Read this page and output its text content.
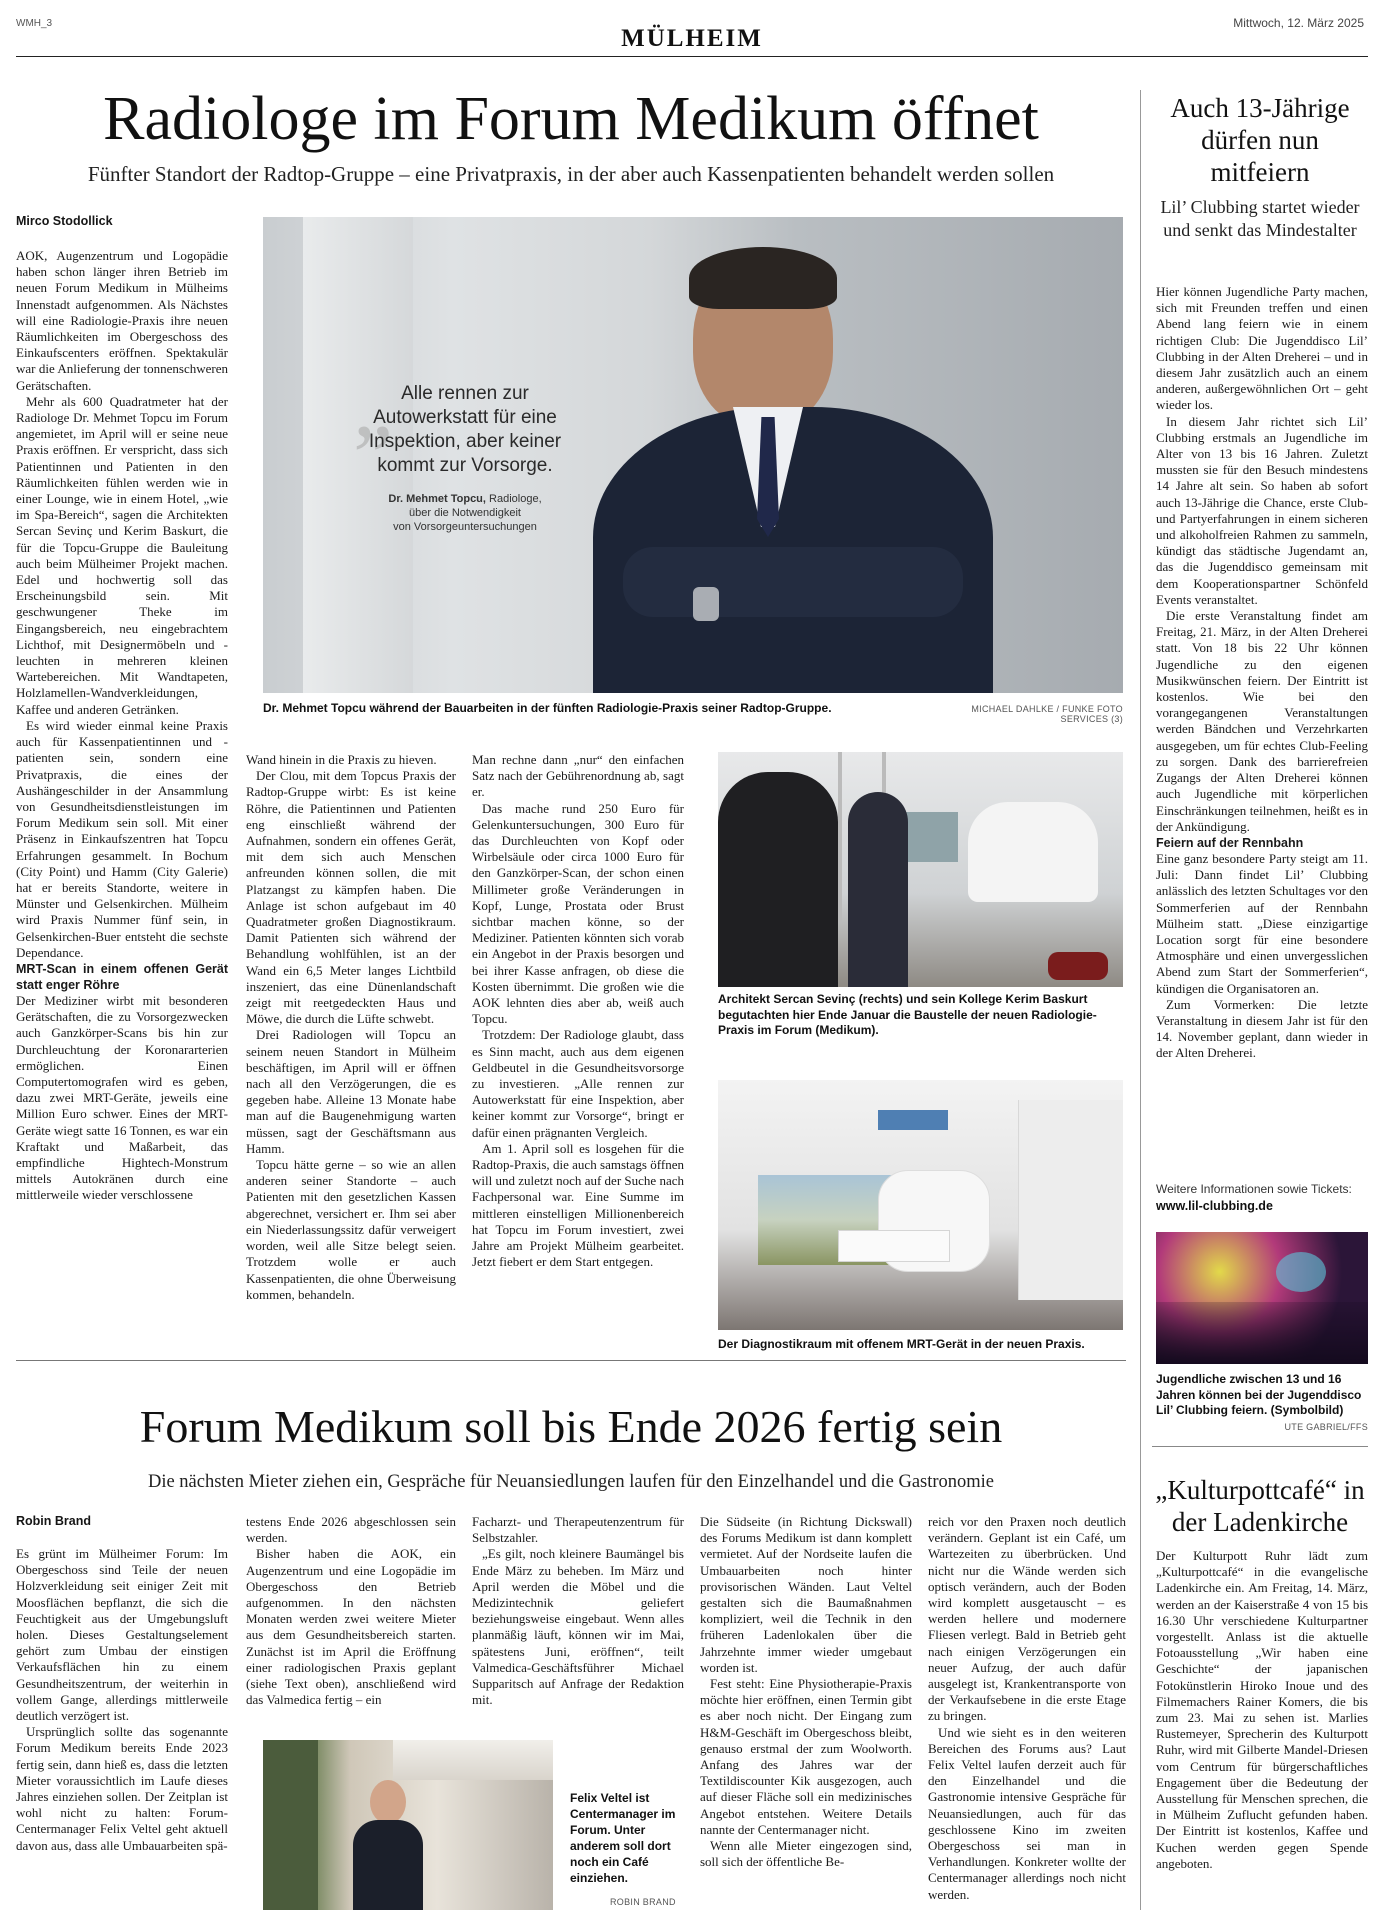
WMH_3
MÜLHEIM
Mittwoch, 12. März 2025
Radiologe im Forum Medikum öffnet
Fünfter Standort der Radtop-Gruppe – eine Privatpraxis, in der aber auch Kassenpatienten behandelt werden sollen
Mirco Stodollick
„ Alle rennen zur Autowerkstatt für eine Inspektion, aber keiner kommt zur Vorsorge.
Dr. Mehmet Topcu, Radiologe,
über die Notwendigkeit
von Vorsorgeuntersuchungen
Dr. Mehmet Topcu während der Bauarbeiten in der fünften Radiologie-Praxis seiner Radtop-Gruppe.	MICHAEL DAHLKE / FUNKE FOTO SERVICES (3)

AOK, Augenzentrum und Logopädie haben schon länger ihren Betrieb im neuen Forum Medikum in Mülheims Innenstadt aufgenommen. Als Nächstes will eine Radiologie-Praxis ihre neuen Räumlichkeiten im Obergeschoss des Einkaufscenters eröffnen. Spektakulär war die Anlieferung der tonnenschweren Gerätschaften.

Mehr als 600 Quadratmeter hat der Radiologe Dr. Mehmet Topcu im Forum angemietet, im April will er seine neue Praxis eröffnen. Er verspricht, dass sich Patientinnen und Patienten in den Räumlichkeiten fühlen werden wie in einer Lounge, wie in einem Hotel, „wie im Spa-Bereich“, sagen die Architekten Sercan Sevinç und Kerim Baskurt, die für die Topcu-Gruppe die Bauleitung auch beim Mülheimer Projekt machen. Edel und hochwertig soll das Erscheinungsbild sein. Mit geschwungener Theke im Eingangsbereich, neu eingebrachtem Lichthof, mit Designermöbeln und -leuchten in mehreren kleinen Wartebereichen. Mit Wandtapeten, Holzlamellen-Wandverkleidungen, Kaffee und anderen Getränken.

Es wird wieder einmal keine Praxis auch für Kassenpatientinnen und -patienten sein, sondern eine Privatpraxis, die eines der Aushängeschilder in der Ansammlung von Gesundheitsdienstleistungen im Forum Medikum sein soll. Mit einer Präsenz in Einkaufszentren hat Topcu Erfahrungen gesammelt. In Bochum (City Point) und Hamm (City Galerie) hat er bereits Standorte, weitere in Münster und Gelsenkirchen. Mülheim wird Praxis Nummer fünf sein, in Gelsenkirchen-Buer entsteht die sechste Dependance.

MRT-Scan in einem offenen Gerät statt enger Röhre

Der Mediziner wirbt mit besonderen Gerätschaften, die zu Vorsorgezwecken auch Ganzkörper-Scans bis hin zur Durchleuchtung der Koronararterien ermöglichen. Einen Computertomografen wird es geben, dazu zwei MRT-Geräte, jeweils eine Million Euro schwer. Eines der MRT-Geräte wiegt satte 16 Tonnen, es war ein Kraftakt und Maßarbeit, das empfindliche Hightech-Monstrum mittels Autokränen durch eine mittlerweile wieder verschlossene

Wand hinein in die Praxis zu hieven.

Der Clou, mit dem Topcus Praxis der Radtop-Gruppe wirbt: Es ist keine Röhre, die Patientinnen und Patienten eng einschließt während der Aufnahmen, sondern ein offenes Gerät, mit dem sich auch Menschen anfreunden können sollen, die mit Platzangst zu kämpfen haben. Die Anlage ist schon aufgebaut im 40 Quadratmeter großen Diagnostikraum. Damit Patienten sich während der Behandlung wohlfühlen, ist an der Wand ein 6,5 Meter langes Lichtbild inszeniert, das eine Dünenlandschaft zeigt mit reetgedeckten Haus und Möwe, die durch die Lüfte schwebt.

Drei Radiologen will Topcu an seinem neuen Standort in Mülheim beschäftigen, im April will er öffnen nach all den Verzögerungen, die es gegeben habe. Alleine 13 Monate habe man auf die Baugenehmigung warten müssen, sagt der Geschäftsmann aus Hamm.

Topcu hätte gerne – so wie an allen anderen seiner Standorte – auch Patienten mit den gesetzlichen Kassen abgerechnet, versichert er. Ihm sei aber ein Niederlassungssitz dafür verweigert worden, weil alle Sitze belegt seien. Trotzdem wolle er auch Kassenpatienten, die ohne Überweisung kommen, behandeln.

Man rechne dann „nur“ den einfachen Satz nach der Gebührenordnung ab, sagt er.

Das mache rund 250 Euro für Gelenkuntersuchungen, 300 Euro für das Durchleuchten von Kopf oder Wirbelsäule oder circa 1000 Euro für den Ganzkörper-Scan, der schon einen Millimeter große Veränderungen in Kopf, Lunge, Prostata oder Brust sichtbar machen könne, so der Mediziner. Patienten könnten sich vorab ein Angebot in der Praxis besorgen und bei ihrer Kasse anfragen, ob diese die Kosten übernimmt. Die großen wie die AOK lehnten dies aber ab, weiß auch Topcu.

Trotzdem: Der Radiologe glaubt, dass es Sinn macht, auch aus dem eigenen Geldbeutel in die Gesundheitsvorsorge zu investieren. „Alle rennen zur Autowerkstatt für eine Inspektion, aber keiner kommt zur Vorsorge“, bringt er dafür einen prägnanten Vergleich.

Am 1. April soll es losgehen für die Radtop-Praxis, die auch samstags öffnen will und zuletzt noch auf der Suche nach Fachpersonal war. Eine Summe im mittleren einstelligen Millionenbereich hat Topcu im Forum investiert, zwei Jahre am Projekt Mülheim gearbeitet. Jetzt fiebert er dem Start entgegen.

Architekt Sercan Sevinç (rechts) und sein Kollege Kerim Baskurt begutachten hier Ende Januar die Baustelle der neuen Radiologie-Praxis im Forum (Medikum).
Der Diagnostikraum mit offenem MRT-Gerät in der neuen Praxis.
Auch 13-Jährige dürfen nun mitfeiern
Lil’ Clubbing startet wieder und senkt das Mindestalter

Hier können Jugendliche Party machen, sich mit Freunden treffen und einen Abend lang feiern wie in einem richtigen Club: Die Jugenddisco Lil’ Clubbing in der Alten Dreherei – und in diesem Jahr zusätzlich auch an einem anderen, außergewöhnlichen Ort – geht wieder los.

In diesem Jahr richtet sich Lil’ Clubbing erstmals an Jugendliche im Alter von 13 bis 16 Jahren. Zuletzt mussten sie für den Besuch mindestens 14 Jahre alt sein. So haben ab sofort auch 13-Jährige die Chance, erste Club- und Partyerfahrungen in einem sicheren und alkoholfreien Rahmen zu sammeln, kündigt das städtische Jugendamt an, das die Jugenddisco gemeinsam mit dem Kooperationspartner Schönfeld Events veranstaltet.

Die erste Veranstaltung findet am Freitag, 21. März, in der Alten Dreherei statt. Von 18 bis 22 Uhr können Jugendliche zu den eigenen Musikwünschen feiern. Der Eintritt ist kostenlos. Wie bei den vorangegangenen Veranstaltungen werden Bändchen und Verzehrkarten ausgegeben, um für echtes Club-Feeling zu sorgen. Dank des barrierefreien Zugangs der Alten Dreherei können auch Jugendliche mit körperlichen Einschränkungen teilnehmen, heißt es in der Ankündigung.

Feiern auf der Rennbahn

Eine ganz besondere Party steigt am 11. Juli: Dann findet Lil’ Clubbing anlässlich des letzten Schultages vor den Sommerferien auf der Rennbahn Mülheim statt. „Diese einzigartige Location sorgt für eine besondere Atmosphäre und einen unvergesslichen Abend zum Start der Sommerferien“, kündigen die Organisatoren an.

Zum Vormerken: Die letzte Veranstaltung in diesem Jahr ist für den 14. November geplant, dann wieder in der Alten Dreherei.

Weitere Informationen sowie Tickets:
www.lil-clubbing.de
Jugendliche zwischen 13 und 16 Jahren können bei der Jugenddisco Lil’ Clubbing feiern. (Symbolbild)
UTE GABRIEL/FFS
„Kulturpottcafé“ in der Ladenkirche

Der Kulturpott Ruhr lädt zum „Kulturpottcafé“ in die evangelische Ladenkirche ein. Am Freitag, 14. März, werden an der Kaiserstraße 4 von 15 bis 16.30 Uhr verschiedene Kulturpartner vorgestellt. Anlass ist die aktuelle Fotoausstellung „Wir haben eine Geschichte“ der japanischen Fotokünstlerin Hiroko Inoue und des Filmemachers Rainer Komers, die bis zum 23. Mai zu sehen ist. Marlies Rustemeyer, Sprecherin des Kulturpott Ruhr, wird mit Gilberte Mandel-Driesen vom Centrum für bürgerschaftliches Engagement über die Bedeutung der Ausstellung für Menschen sprechen, die in Mülheim Zuflucht gefunden haben. Der Eintritt ist kostenlos, Kaffee und Kuchen werden gegen Spende angeboten.

Forum Medikum soll bis Ende 2026 fertig sein
Die nächsten Mieter ziehen ein, Gespräche für Neuansiedlungen laufen für den Einzelhandel und die Gastronomie
Robin Brand

Es grünt im Mülheimer Forum: Im Obergeschoss sind Teile der neuen Holzverkleidung seit einiger Zeit mit Moosflächen bepflanzt, die sich die Feuchtigkeit aus der Umgebungsluft holen. Dieses Gestaltungselement gehört zum Umbau der einstigen Verkaufsflächen hin zu einem Gesundheitszentrum, der weiterhin in vollem Gange, allerdings mittlerweile deutlich verzögert ist.

Ursprünglich sollte das sogenannte Forum Medikum bereits Ende 2023 fertig sein, dann hieß es, dass die letzten Mieter voraussichtlich im Laufe dieses Jahres einziehen sollen. Der Zeitplan ist wohl nicht zu halten: Forum-Centermanager Felix Veltel geht aktuell davon aus, dass alle Umbauarbeiten spä-

testens Ende 2026 abgeschlossen sein werden.

Bisher haben die AOK, ein Augenzentrum und eine Logopädie im Obergeschoss den Betrieb aufgenommen. In den nächsten Monaten werden zwei weitere Mieter aus dem Gesundheitsbereich starten. Zunächst ist im April die Eröffnung einer radiologischen Praxis geplant (siehe Text oben), anschließend wird das Valmedica fertig – ein

Facharzt- und Therapeutenzentrum für Selbstzahler.

„Es gilt, noch kleinere Baumängel bis Ende März zu beheben. Im März und April werden die Möbel und die Medizintechnik geliefert beziehungsweise eingebaut. Wenn alles planmäßig läuft, können wir im Mai, spätestens Juni, eröffnen“, teilt Valmedica-Geschäftsführer Michael Supparitsch auf Anfrage der Redaktion mit.

Die Südseite (in Richtung Dickswall) des Forums Medikum ist dann komplett vermietet. Auf der Nordseite laufen die Umbauarbeiten noch hinter provisorischen Wänden. Laut Veltel gestalten sich die Baumaßnahmen kompliziert, weil die Technik in den früheren Ladenlokalen über die Jahrzehnte immer wieder umgebaut worden ist.

Fest steht: Eine Physiotherapie-Praxis möchte hier eröffnen, einen Termin gibt es aber noch nicht. Der Eingang zum H&M-Geschäft im Obergeschoss bleibt, genauso erstmal der zum Woolworth. Anfang des Jahres war der Textildiscounter Kik ausgezogen, auch auf dieser Fläche soll ein medizinisches Angebot entstehen. Weitere Details nannte der Centermanager nicht.

Wenn alle Mieter eingezogen sind, soll sich der öffentliche Be-

reich vor den Praxen noch deutlich verändern. Geplant ist ein Café, um Wartezeiten zu überbrücken. Und nicht nur die Wände werden sich optisch verändern, auch der Boden wird komplett ausgetauscht – es werden hellere und modernere Fliesen verlegt. Bald in Betrieb geht nach einigen Verzögerungen ein neuer Aufzug, der auch dafür ausgelegt ist, Krankentransporte von der Verkaufsebene in die erste Etage zu bringen.

Und wie sieht es in den weiteren Bereichen des Forums aus? Laut Felix Veltel laufen derzeit auch für den Einzelhandel und die Gastronomie intensive Gespräche für Neuansiedlungen, auch für das geschlossene Kino im zweiten Obergeschoss sei man in Verhandlungen. Konkreter wollte der Centermanager allerdings noch nicht werden.

Felix Veltel ist Centermanager im Forum. Unter anderem soll dort noch ein Café einziehen.
ROBIN BRAND
